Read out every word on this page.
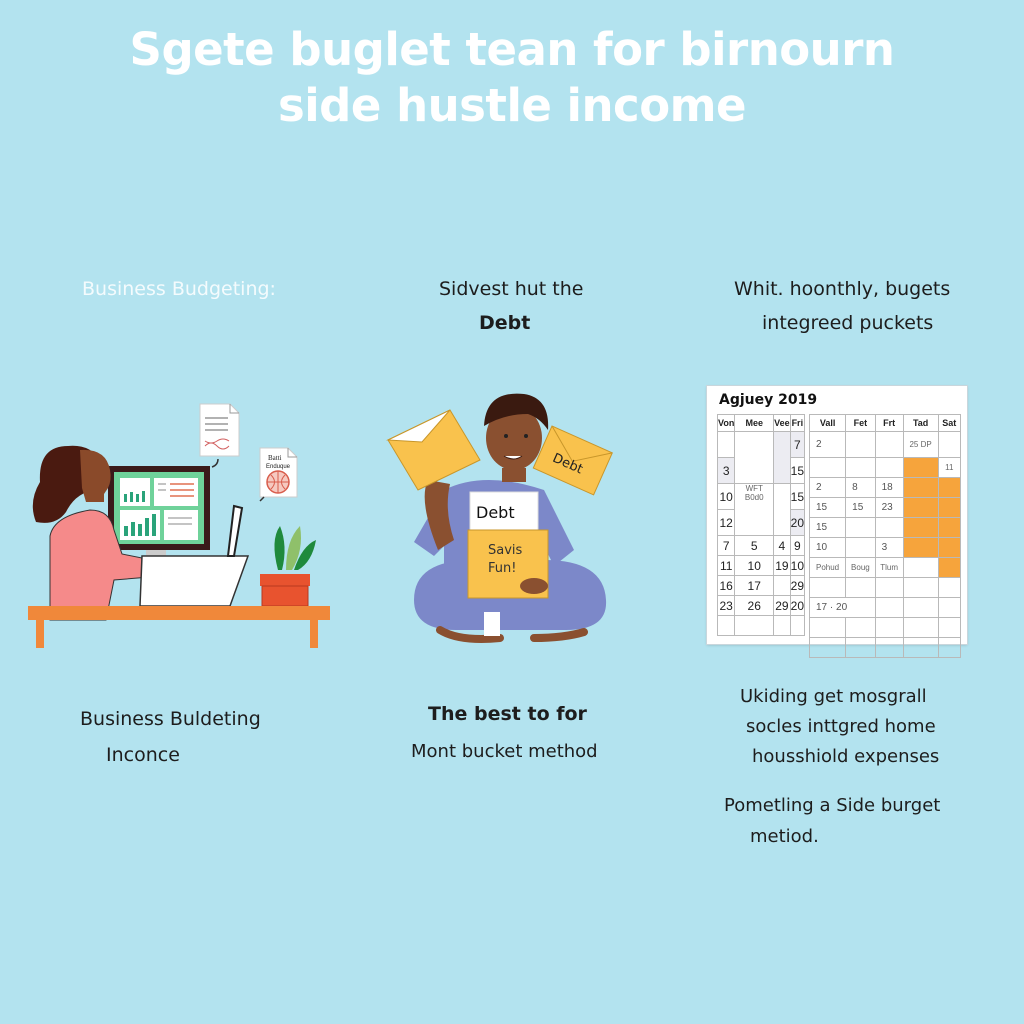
Sgete buglet tean for birnourn
side hustle income
Business Budgeting:	Sidvest hut the
Debt
Whit. hoonthly, bugets
integreed puckets
Batti
Enduque	Debt
Debt
Savis
Fun!
Agjuey 2019
Von	Mee	Vee	Fri
			7
3			15
10	WFT B0d0		15
12			20
7	5	4	9
11	10	19	10
16	17		29
23	26	29	20

Vall	Fet	Frt	Tad	Sat
2			25 DP	
				11
2	8	18		
15	15	23		
15				
10		3		
Pohud	Boug	Tlum		

17 · 20				

Business Buldeting
Inconce
The best to for
Mont bucket method
Ukiding get mosgrall
socles inttgred home
housshiold expenses
Pometling a Side burget
metiod.
